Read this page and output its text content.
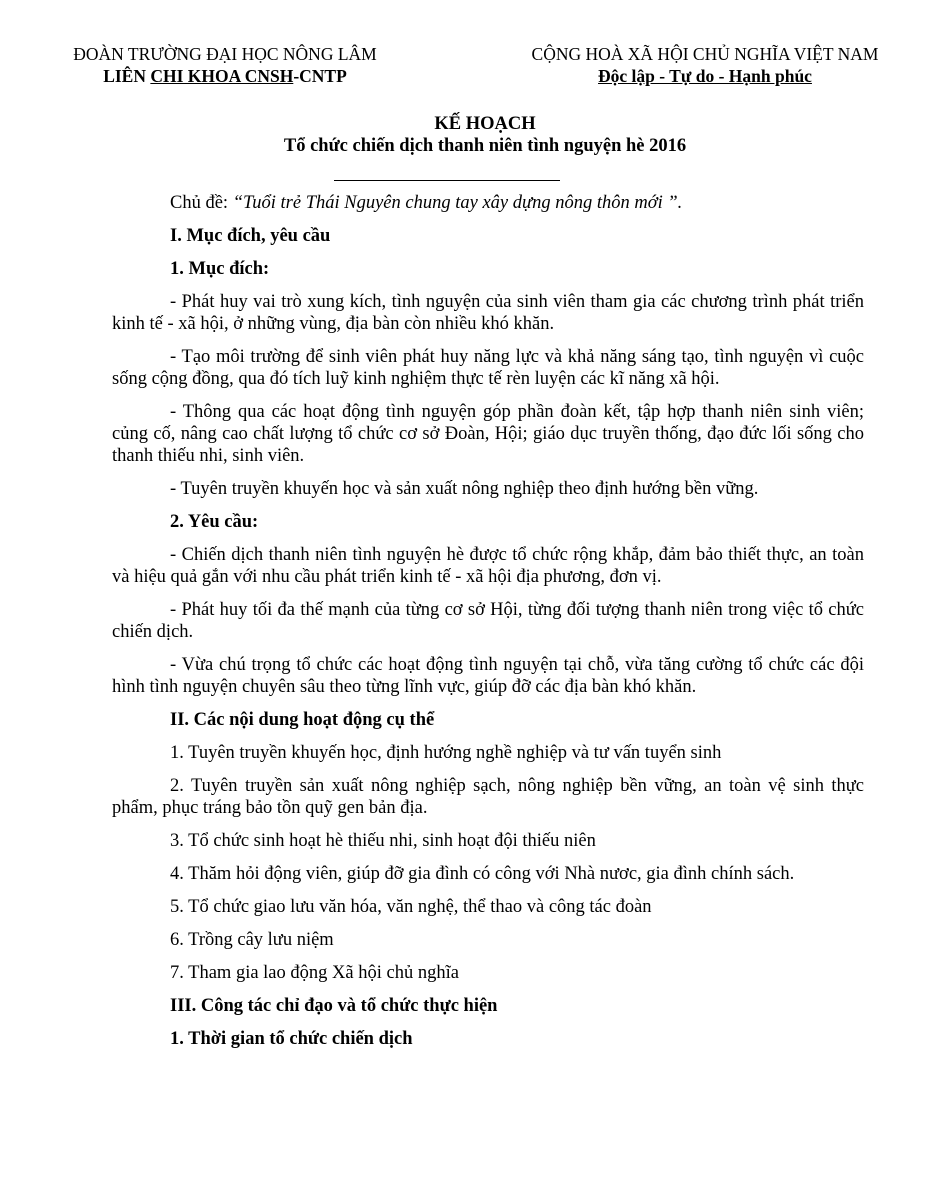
ĐOÀN TRƯỜNG ĐẠI HỌC NÔNG LÂM
LIÊN CHI KHOA CNSH-CNTP
CỘNG HOÀ XÃ HỘI CHỦ NGHĨA VIỆT NAM
Độc lập - Tự do - Hạnh phúc
KẾ HOẠCH
Tổ chức chiến dịch thanh niên tình nguyện hè 2016

Chủ đề: “Tuổi trẻ Thái Nguyên chung tay xây dựng nông thôn mới ”.

I. Mục đích, yêu cầu

1. Mục đích:

- Phát huy vai trò xung kích, tình nguyện của sinh viên tham gia các chương trình phát triển kinh tế - xã hội, ở những vùng, địa bàn còn nhiều khó khăn.

- Tạo môi trường để sinh viên phát huy năng lực và khả năng sáng tạo, tình nguyện vì cuộc sống cộng đồng, qua đó tích luỹ kinh nghiệm thực tế rèn luyện các kĩ năng xã hội.

- Thông qua các hoạt động tình nguyện góp phần đoàn kết, tập hợp thanh niên sinh viên; củng cố, nâng cao chất lượng tổ chức cơ sở Đoàn, Hội; giáo dục truyền thống, đạo đức lối sống cho thanh thiếu nhi, sinh viên.

- Tuyên truyền khuyến học và sản xuất nông nghiệp theo định hướng bền vững.

2. Yêu cầu:

- Chiến dịch thanh niên tình nguyện hè được tổ chức rộng khắp, đảm bảo thiết thực, an toàn và hiệu quả gắn với nhu cầu phát triển kinh tế - xã hội địa phương, đơn vị.

- Phát huy tối đa thế mạnh của từng cơ sở Hội, từng đối tượng thanh niên trong việc tổ chức chiến dịch.

- Vừa chú trọng tổ chức các hoạt động tình nguyện tại chỗ, vừa tăng cường tổ chức các đội hình tình nguyện chuyên sâu theo từng lĩnh vực, giúp đỡ các địa bàn khó khăn.

II. Các nội dung hoạt động cụ thể

1. Tuyên truyền khuyến học, định hướng nghề nghiệp và tư vấn tuyển sinh

2. Tuyên truyền sản xuất nông nghiệp sạch, nông nghiệp bền vững, an toàn vệ sinh thực phẩm, phục tráng bảo tồn quỹ gen bản địa.

3. Tổ chức sinh hoạt hè thiếu nhi, sinh hoạt đội thiếu niên

4. Thăm hỏi động viên, giúp đỡ gia đình có công với Nhà nươc, gia đình chính sách.

5. Tổ chức giao lưu văn hóa, văn nghệ, thể thao và công tác đoàn

6. Trồng cây lưu niệm

7. Tham gia lao động Xã hội chủ nghĩa

III. Công tác chỉ đạo và tổ chức thực hiện

1. Thời gian tổ chức chiến dịch
